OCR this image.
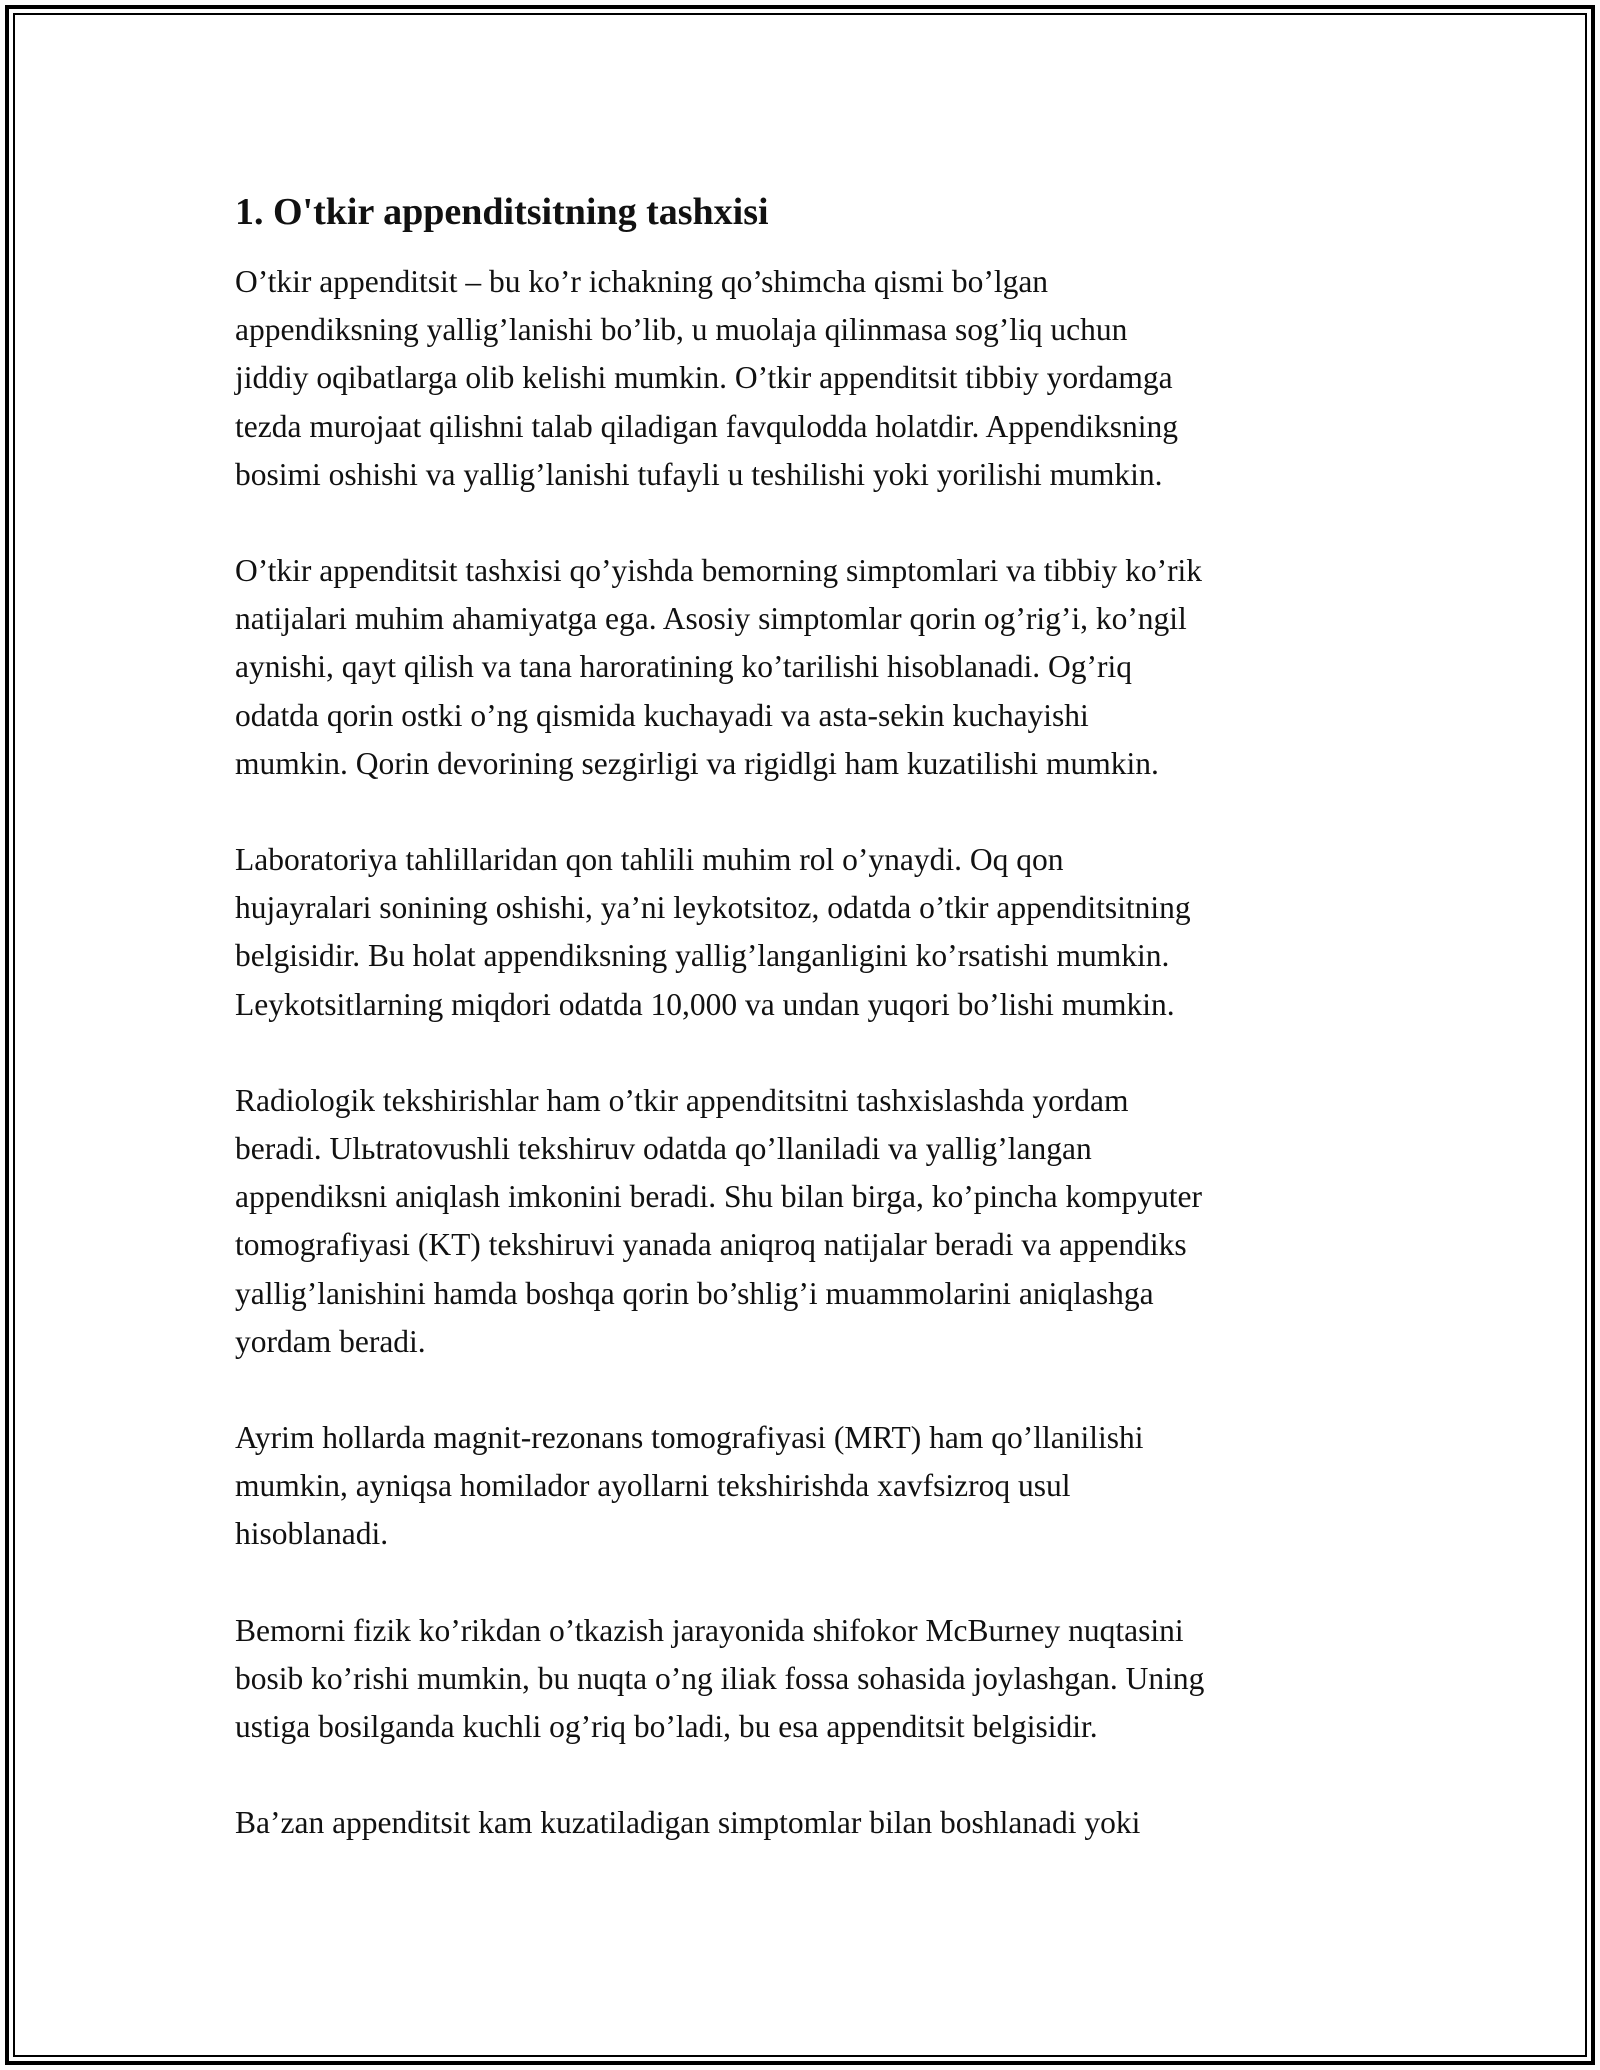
1. O'tkir appenditsitning tashxisi
O’tkir appenditsit – bu ko’r ichakning qo’shimcha qismi bo’lgan
appendiksning yallig’lanishi bo’lib, u muolaja qilinmasa sog’liq uchun
jiddiy oqibatlarga olib kelishi mumkin. O’tkir appenditsit tibbiy yordamga
tezda murojaat qilishni talab qiladigan favqulodda holatdir. Appendiksning
bosimi oshishi va yallig’lanishi tufayli u teshilishi yoki yorilishi mumkin.
O’tkir appenditsit tashxisi qo’yishda bemorning simptomlari va tibbiy ko’rik
natijalari muhim ahamiyatga ega. Asosiy simptomlar qorin og’rig’i, ko’ngil
aynishi, qayt qilish va tana haroratining ko’tarilishi hisoblanadi. Og’riq
odatda qorin ostki o’ng qismida kuchayadi va asta-sekin kuchayishi
mumkin. Qorin devorining sezgirligi va rigidlgi ham kuzatilishi mumkin.
Laboratoriya tahlillaridan qon tahlili muhim rol o’ynaydi. Oq qon
hujayralari sonining oshishi, ya’ni leykotsitoz, odatda o’tkir appenditsitning
belgisidir. Bu holat appendiksning yallig’langanligini ko’rsatishi mumkin.
Leykotsitlarning miqdori odatda 10,000 va undan yuqori bo’lishi mumkin.
Radiologik tekshirishlar ham o’tkir appenditsitni tashxislashda yordam
beradi. Ulьtratovushli tekshiruv odatda qo’llaniladi va yallig’langan
appendiksni aniqlash imkonini beradi. Shu bilan birga, ko’pincha kompyuter
tomografiyasi (KT) tekshiruvi yanada aniqroq natijalar beradi va appendiks
yallig’lanishini hamda boshqa qorin bo’shlig’i muammolarini aniqlashga
yordam beradi.
Ayrim hollarda magnit-rezonans tomografiyasi (MRT) ham qo’llanilishi
mumkin, ayniqsa homilador ayollarni tekshirishda xavfsizroq usul
hisoblanadi.
Bemorni fizik ko’rikdan o’tkazish jarayonida shifokor McBurney nuqtasini
bosib ko’rishi mumkin, bu nuqta o’ng iliak fossa sohasida joylashgan. Uning
ustiga bosilganda kuchli og’riq bo’ladi, bu esa appenditsit belgisidir.
Ba’zan appenditsit kam kuzatiladigan simptomlar bilan boshlanadi yoki
